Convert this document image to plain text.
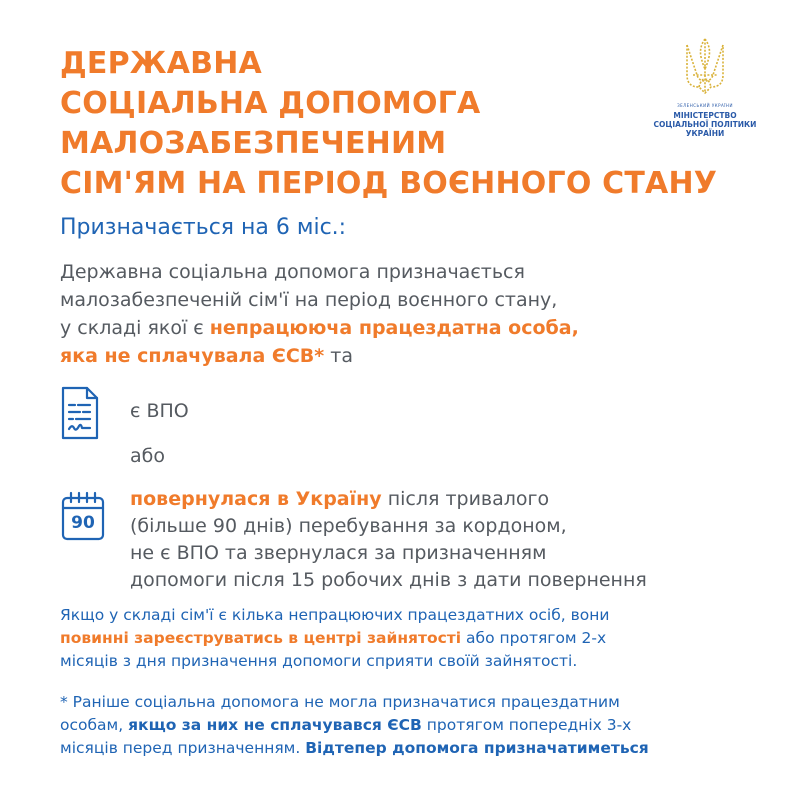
ДЕРЖАВНА
СОЦІАЛЬНА ДОПОМОГА
МАЛОЗАБЕЗПЕЧЕНИМ
СІМ'ЯМ НА ПЕРІОД ВОЄННОГО СТАНУ
ЗЕЛЕНСЬКИЙ УКРАЇНИ
МІНІСТЕРСТВО
СОЦІАЛЬНОЇ ПОЛІТИКИ
УКРАЇНИ
Призначається на 6 міс.:
Державна соціальна допомога призначається
малозабезпеченій сім'ї на період воєнного стану,
у складі якої є непрацююча працездатна особа,
яка не сплачувала ЄСВ* та
є ВПО
або
90
повернулася в Україну після тривалого
(більше 90 днів) перебування за кордоном,
не є ВПО та звернулася за призначенням
допомоги після 15 робочих днів з дати повернення
Якщо у складі сім'ї є кілька непрацюючих працездатних осіб, вони
повинні зареєструватись в центрі зайнятості або протягом 2-х
місяців з дня призначення допомоги сприяти своїй зайнятості.
* Раніше соціальна допомога не могла призначатися працездатним
особам, якщо за них не сплачувався ЄСВ протягом попередніх 3-х
місяців перед призначенням. Відтепер допомога призначатиметься
